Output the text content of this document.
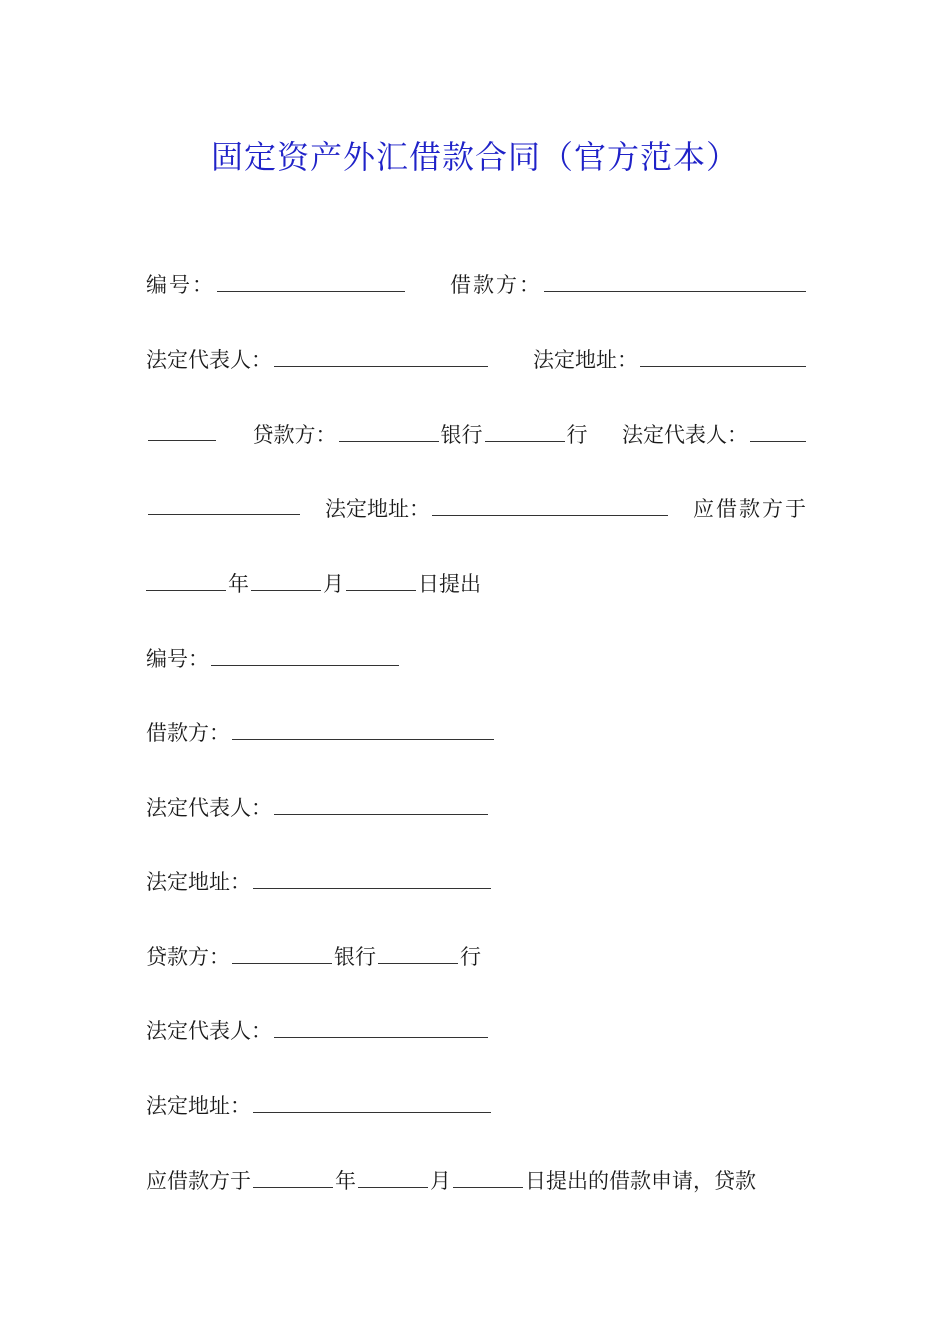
固定资产外汇借款合同（官方范本）
编号：	借款方：
法定代表人：	法定地址：
贷款方：	银行	行 法定代表人：
法定地址：	应借款方于
年	月	日提出
编号：
借款方：
法定代表人：
法定地址：
贷款方：	银行	行
法定代表人：
法定地址：
应借款方于	年	月	日提出的借款申请，贷款
